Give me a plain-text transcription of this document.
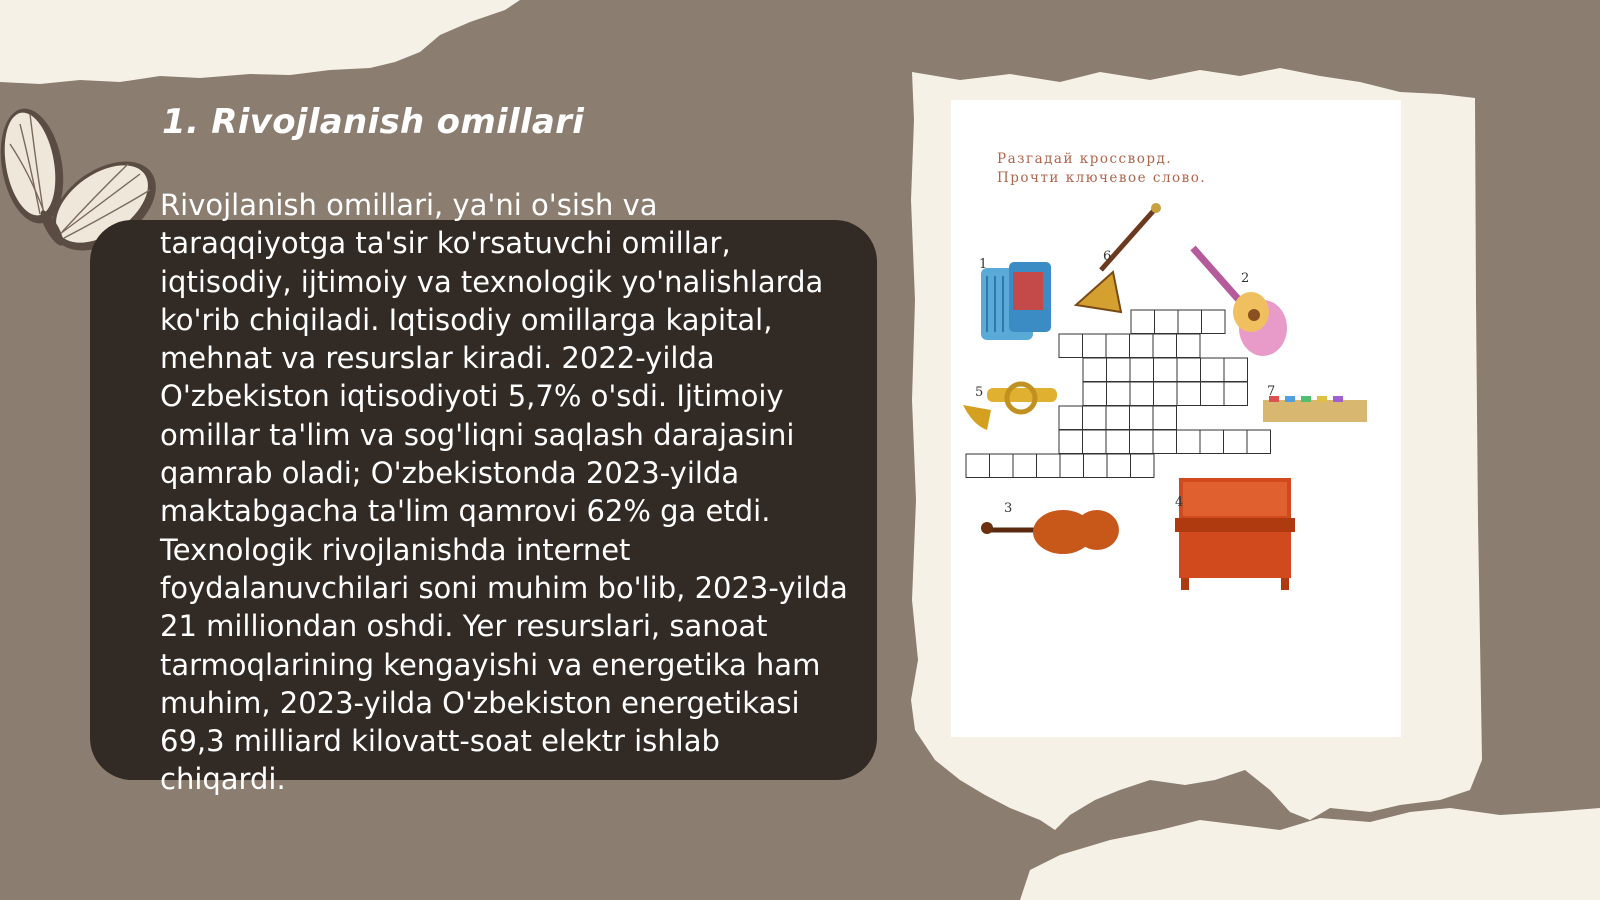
1. Rivojlanish omillari
Rivojlanish omillari, ya'ni o'sish va taraqqiyotga ta'sir ko'rsatuvchi omillar, iqtisodiy, ijtimoiy va texnologik yo'nalishlarda ko'rib chiqiladi. Iqtisodiy omillarga kapital, mehnat va resurslar kiradi. 2022-yilda O'zbekiston iqtisodiyoti 5,7% o'sdi. Ijtimoiy omillar ta'lim va sog'liqni saqlash darajasini qamrab oladi; O'zbekistonda 2023-yilda maktabgacha ta'lim qamrovi 62% ga etdi. Texnologik rivojlanishda internet foydalanuvchilari soni muhim bo'lib, 2023-yilda 21 milliondan oshdi. Yer resurslari, sanoat tarmoqlarining kengayishi va energetika ham muhim, 2023-yilda O'zbekiston energetikasi 69,3 milliard kilovatt-soat elektr ishlab chiqardi.
Разгадай кроссворд.
Прочти ключевое слово.
1
2
3	4
5
6
7
